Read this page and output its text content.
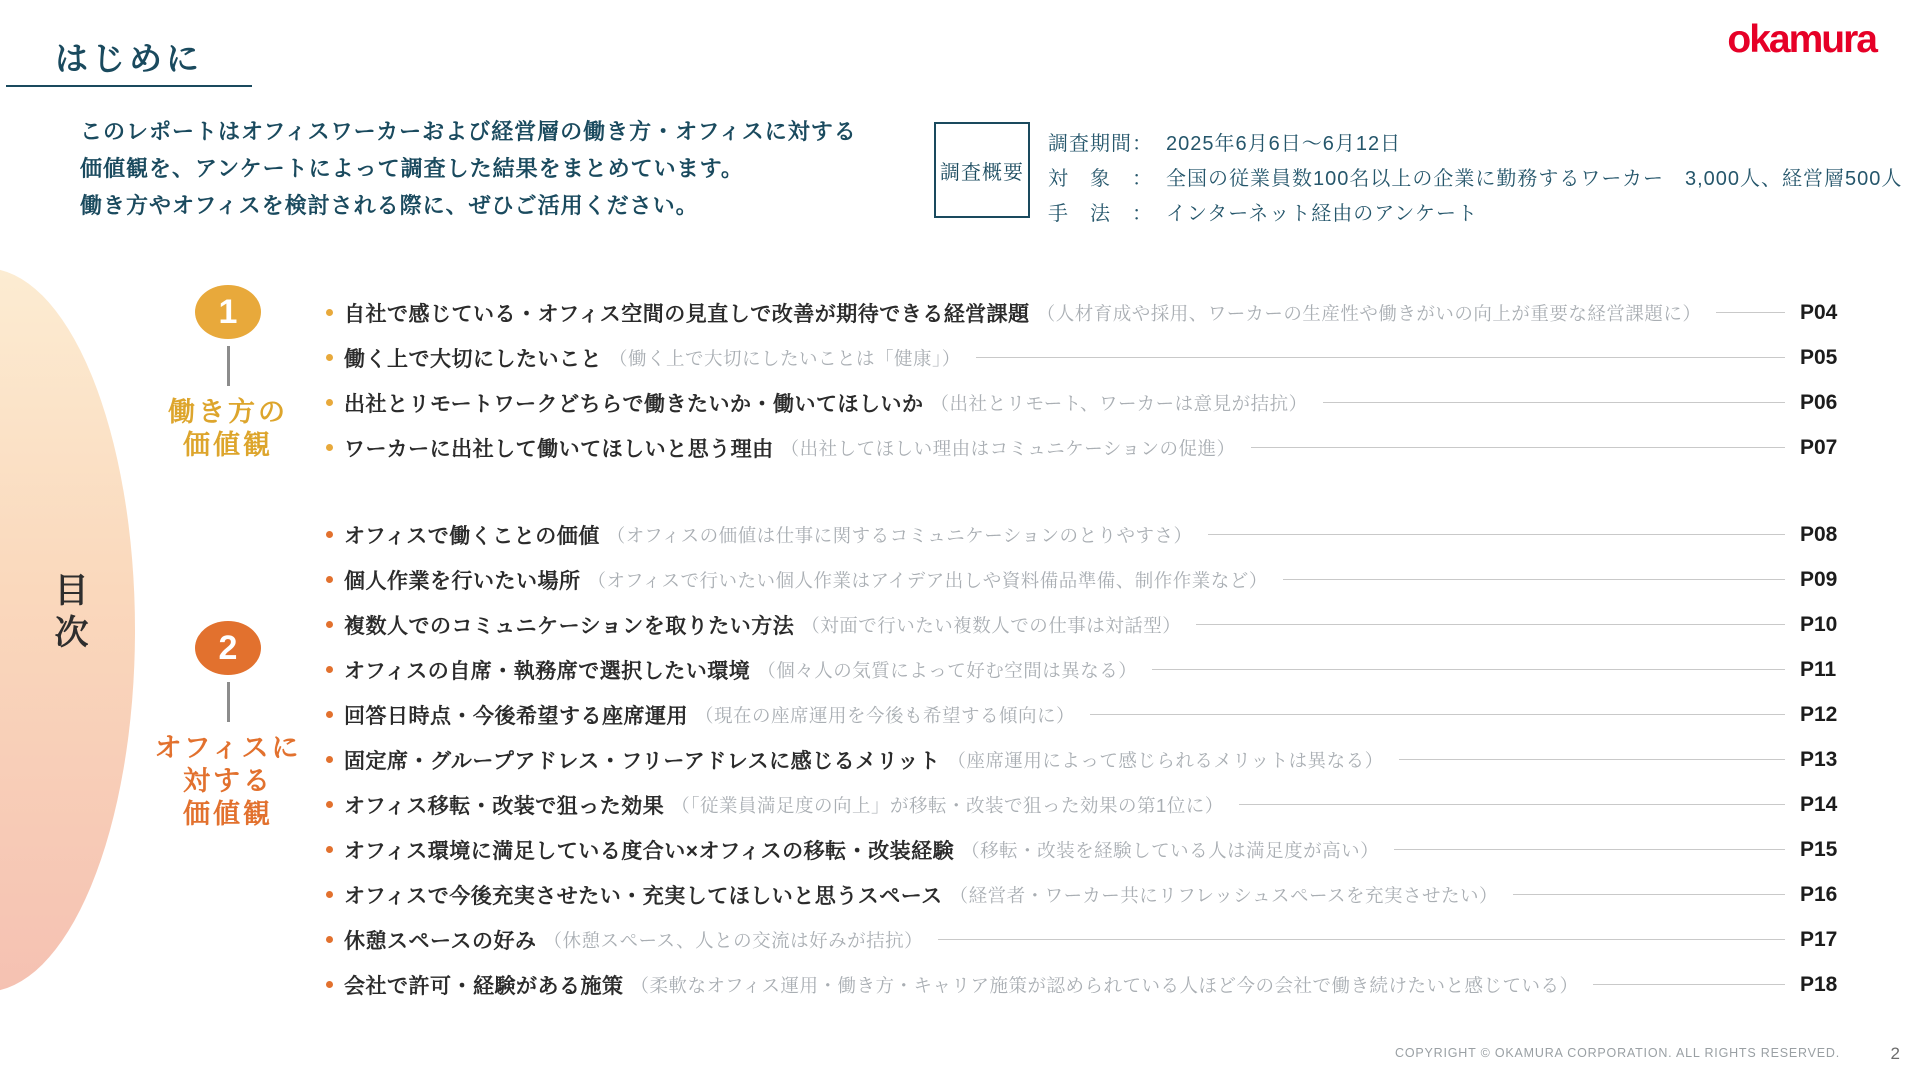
目次
はじめに	okamura
このレポートはオフィスワーカーおよび経営層の働き方・オフィスに対する
価値観を、アンケートによって調査した結果をまとめています。
働き方やオフィスを検討される際に、ぜひご活用ください。
調査概要
調査期間： 2025年6月6日～6月12日
対　象　： 全国の従業員数100名以上の企業に勤務するワーカー　3,000人、経営層500人
手　法　： インターネット経由のアンケート
1
働き方の
価値観
2
オフィスに
対する
価値観
自社で感じている・オフィス空間の見直しで改善が期待できる経営課題 （人材育成や採用、ワーカーの生産性や働きがいの向上が重要な経営課題に）	P04
働く上で大切にしたいこと （働く上で大切にしたいことは「健康」）	P05
出社とリモートワークどちらで働きたいか・働いてほしいか （出社とリモート、ワーカーは意見が拮抗）	P06
ワーカーに出社して働いてほしいと思う理由 （出社してほしい理由はコミュニケーションの促進）	P07
オフィスで働くことの価値 （オフィスの価値は仕事に関するコミュニケーションのとりやすさ）	P08
個人作業を行いたい場所 （オフィスで行いたい個人作業はアイデア出しや資料備品準備、制作作業など）	P09
複数人でのコミュニケーションを取りたい方法 （対面で行いたい複数人での仕事は対話型）	P10
オフィスの自席・執務席で選択したい環境 （個々人の気質によって好む空間は異なる）	P11
回答日時点・今後希望する座席運用 （現在の座席運用を今後も希望する傾向に）	P12
固定席・グループアドレス・フリーアドレスに感じるメリット （座席運用によって感じられるメリットは異なる）	P13
オフィス移転・改装で狙った効果 （「従業員満足度の向上」が移転・改装で狙った効果の第1位に）	P14
オフィス環境に満足している度合い×オフィスの移転・改装経験 （移転・改装を経験している人は満足度が高い）	P15
オフィスで今後充実させたい・充実してほしいと思うスペース （経営者・ワーカー共にリフレッシュスペースを充実させたい）	P16
休憩スペースの好み （休憩スペース、人との交流は好みが拮抗）	P17
会社で許可・経験がある施策 （柔軟なオフィス運用・働き方・キャリア施策が認められている人ほど今の会社で働き続けたいと感じている）	P18
COPYRIGHT © OKAMURA CORPORATION. ALL RIGHTS RESERVED.	2
